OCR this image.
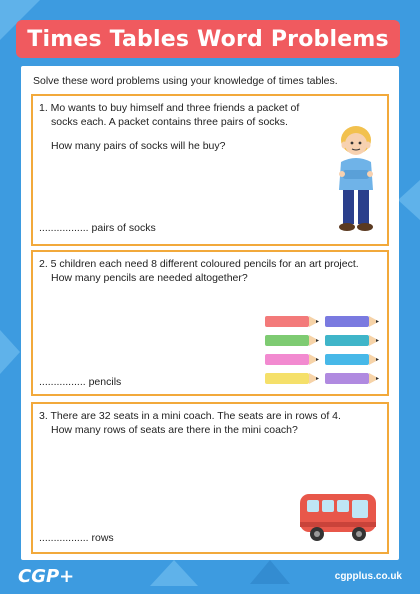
Times Tables Word Problems
Solve these word problems using your knowledge of times tables.

1. Mo wants to buy himself and three friends a packet of

socks each. A packet contains three pairs of socks.

How many pairs of socks will he buy?

................. pairs of socks

2. 5 children each need 8 different coloured pencils for an art project.

How many pencils are needed altogether?

................ pencils

3. There are 32 seats in a mini coach. The seats are in rows of 4.

How many rows of seats are there in the mini coach?

................. rows
CGP+	cgpplus.co.uk
